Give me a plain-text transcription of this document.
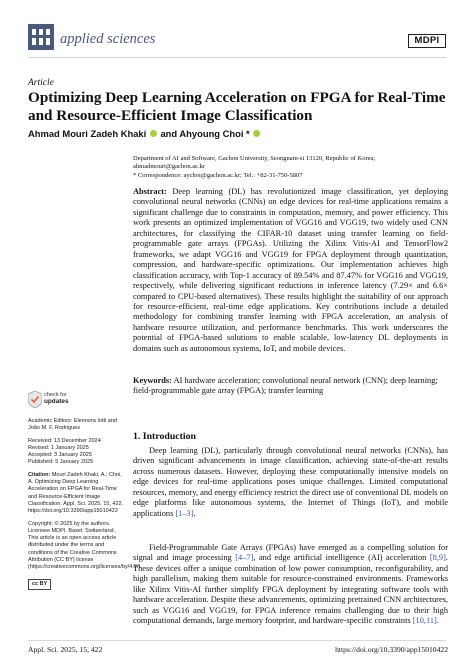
applied sciences	MDPI
Article
Optimizing Deep Learning Acceleration on FPGA for Real-Time and Resource-Efficient Image Classification
Ahmad Mouri Zadeh Khaki and Ahyoung Choi *
Department of AI and Software, Gachon University, Seongnam-si 13120, Republic of Korea; ahmadmouri@gachon.ac.kr
* Correspondence: aychoi@gachon.ac.kr; Tel.: +82-31-750-5807
Abstract: Deep learning (DL) has revolutionized image classification, yet deploying convolutional neural networks (CNNs) on edge devices for real-time applications remains a significant challenge due to constraints in computation, memory, and power efficiency. This work presents an optimized implementation of VGG16 and VGG19, two widely used CNN architectures, for classifying the CIFAR-10 dataset using transfer learning on field-programmable gate arrays (FPGAs). Utilizing the Xilinx Vitis-AI and TensorFlow2 frameworks, we adapt VGG16 and VGG19 for FPGA deployment through quantization, compression, and hardware-specific optimizations. Our implementation achieves high classification accuracy, with Top-1 accuracy of 89.54% and 87.47% for VGG16 and VGG19, respectively, while delivering significant reductions in inference latency (7.29× and 6.6× compared to CPU-based alternatives). These results highlight the suitability of our approach for resource-efficient, real-time edge applications. Key contributions include a detailed methodology for combining transfer learning with FPGA acceleration, an analysis of hardware resource utilization, and performance benchmarks. This work underscores the potential of FPGA-based solutions to enable scalable, low-latency DL deployments in domains such as autonomous systems, IoT, and mobile devices.
Keywords: AI hardware acceleration; convolutional neural network (CNN); deep learning; field-programmable gate array (FPGA); transfer learning
check for
updates
Academic Editors: Eleonora Iotti and João M. F. Rodrigues
Received: 13 December 2024
Revised: 1 January 2025
Accepted: 3 January 2025
Published: 5 January 2025
Citation: Mouri Zadeh Khaki, A.; Choi, A. Optimizing Deep Learning Acceleration on FPGA for Real-Time and Resource-Efficient Image Classification. Appl. Sci. 2025, 15, 422. https://doi.org/10.3390/app15010422
Copyright: © 2025 by the authors. Licensee MDPI, Basel, Switzerland. This article is an open access article distributed under the terms and conditions of the Creative Commons Attribution (CC BY) license (https://creativecommons.org/licenses/by/4.0/).
cc BY
1. Introduction
Deep learning (DL), particularly through convolutional neural networks (CNNs), has driven significant advancements in image classification, achieving state-of-the-art results across numerous datasets. However, deploying these computationally intensive models on edge devices for real-time applications poses unique challenges. Limited computational resources, memory, and energy efficiency restrict the direct use of conventional DL models on edge platforms like autonomous systems, the Internet of Things (IoT), and mobile applications [1–3].
Field-Programmable Gate Arrays (FPGAs) have emerged as a compelling solution for signal and image processing [4–7], and edge artificial intelligence (AI) acceleration [8,9]. These devices offer a unique combination of low power consumption, reconfigurability, and high parallelism, making them suitable for resource-constrained environments. Frameworks like Xilinx Vitis-AI further simplify FPGA deployment by integrating software tools with hardware acceleration. Despite these advancements, optimizing pretrained CNN architectures, such as VGG16 and VGG19, for FPGA inference remains challenging due to their high computational demands, large memory footprint, and hardware-specific constraints [10,11].
Appl. Sci. 2025, 15, 422	https://doi.org/10.3390/app15010422
